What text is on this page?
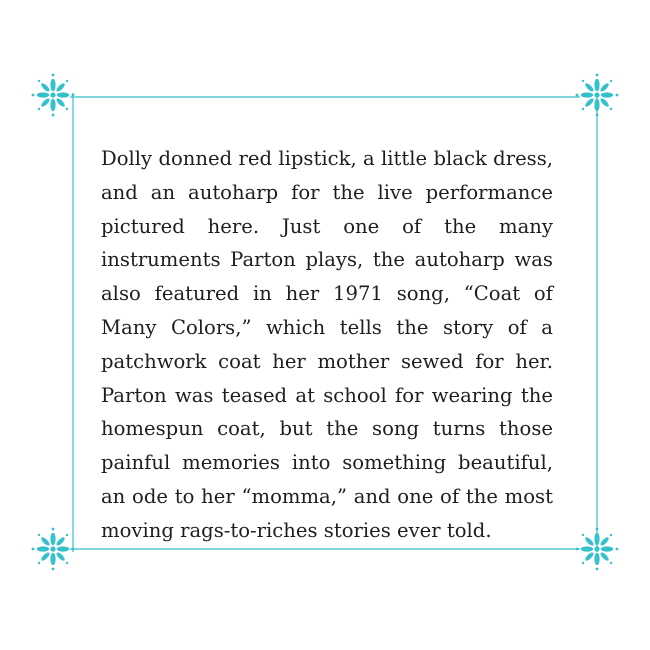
Dolly donned red lipstick, a little black dress, and an autoharp for the live performance pictured here. Just one of the many instruments Parton plays, the autoharp was also featured in her 1971 song, “Coat of Many Colors,” which tells the story of a patchwork coat her mother sewed for her. Parton was teased at school for wearing the homespun coat, but the song turns those painful memories into something beautiful, an ode to her “momma,” and one of the most moving rags-to-riches stories ever told.
